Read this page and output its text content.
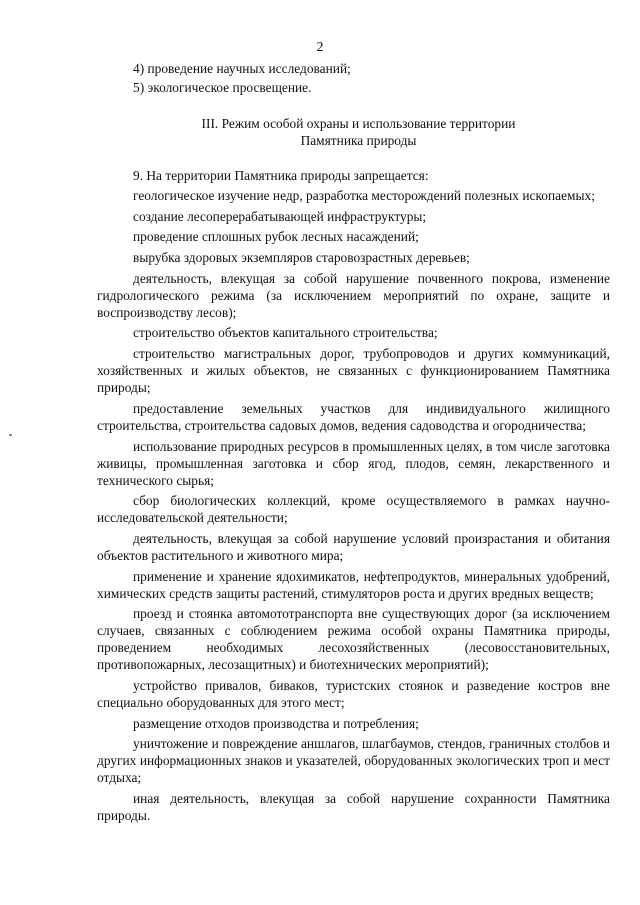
2

4) проведение научных исследований;

5) экологическое просвещение.

III. Режим особой охраны и использование территории
Памятника природы

9. На территории Памятника природы запрещается:

геологическое изучение недр, разработка месторождений полезных ископаемых;

создание лесоперерабатывающей инфраструктуры;

проведение сплошных рубок лесных насаждений;

вырубка здоровых экземпляров старовозрастных деревьев;

деятельность, влекущая за собой нарушение почвенного покрова, изменение гидрологического режима (за исключением мероприятий по охране, защите и воспроизводству лесов);

строительство объектов капитального строительства;

строительство магистральных дорог, трубопроводов и других коммуникаций, хозяйственных и жилых объектов, не связанных с функционированием Памятника природы;

предоставление земельных участков для индивидуального жилищного строительства, строительства садовых домов, ведения садоводства и огородничества;

использование природных ресурсов в промышленных целях, в том числе заготовка живицы, промышленная заготовка и сбор ягод, плодов, семян, лекарственного и технического сырья;

сбор биологических коллекций, кроме осуществляемого в рамках научно-исследовательской деятельности;

деятельность, влекущая за собой нарушение условий произрастания и обитания объектов растительного и животного мира;

применение и хранение ядохимикатов, нефтепродуктов, минеральных удобрений, химических средств защиты растений, стимуляторов роста и других вредных веществ;

проезд и стоянка автомототранспорта вне существующих дорог (за исключением случаев, связанных с соблюдением режима особой охраны Памятника природы, проведением необходимых лесохозяйственных (лесовосстановительных, противопожарных, лесозащитных) и биотехнических мероприятий);

устройство привалов, биваков, туристских стоянок и разведение костров вне специально оборудованных для этого мест;

размещение отходов производства и потребления;

уничтожение и повреждение аншлагов, шлагбаумов, стендов, граничных столбов и других информационных знаков и указателей, оборудованных экологических троп и мест отдыха;

иная деятельность, влекущая за собой нарушение сохранности Памятника природы.
